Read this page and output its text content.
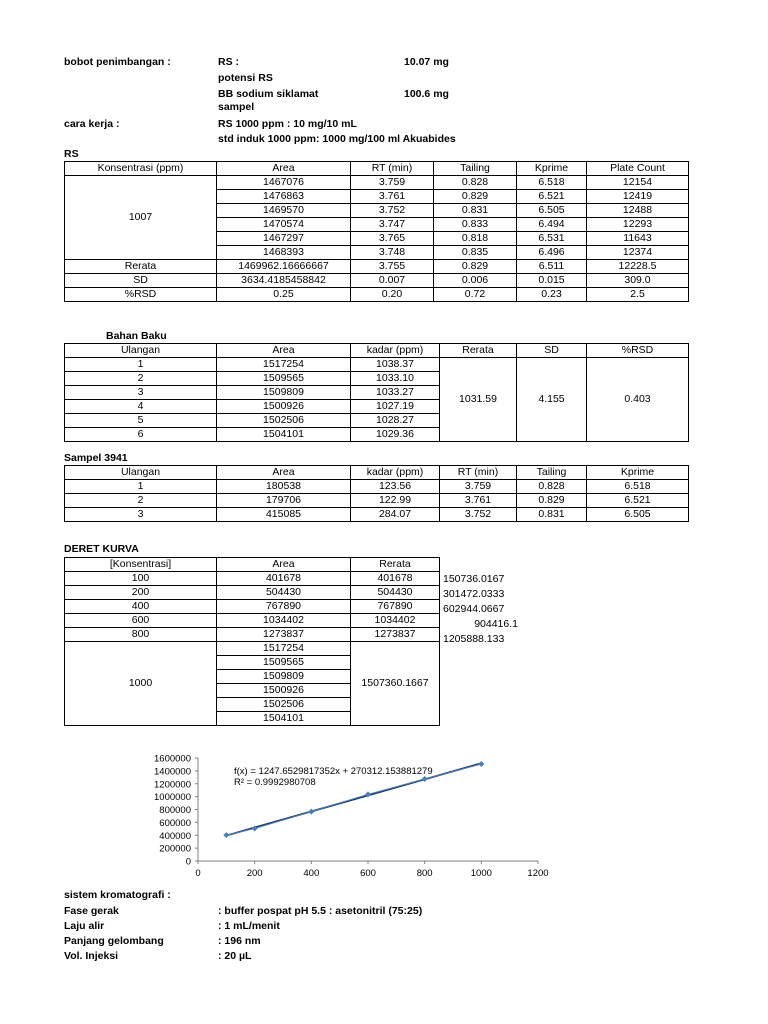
bobot penimbangan :	RS :	10.07 mg
potensi RS
BB sodium siklamat	100.6 mg
sampel
cara kerja :	RS 1000 ppm : 10 mg/10 mL
std induk 1000 ppm: 1000 mg/100 ml Akuabides
RS
Konsentrasi (ppm)	Area	RT (min)	Tailing	Kprime	Plate Count
1007	1467076	3.759	0.828	6.518	12154
	1476863	3.761	0.829	6.521	12419
	1469570	3.752	0.831	6.505	12488
	1470574	3.747	0.833	6.494	12293
	1467297	3.765	0.818	6.531	11643
	1468393	3.748	0.835	6.496	12374
Rerata	1469962.16666667	3.755	0.829	6.511	12228.5
SD	3634.4185458842	0.007	0.006	0.015	309.0
%RSD	0.25	0.20	0.72	0.23	2.5
Bahan Baku
Ulangan	Area	kadar (ppm)	Rerata	SD	%RSD
1	1517254	1038.37	1031.59	4.155	0.403
2	1509565	1033.10			
3	1509809	1033.27			
4	1500926	1027.19			
5	1502506	1028.27			
6	1504101	1029.36			
Sampel 3941
Ulangan	Area	kadar (ppm)	RT (min)	Tailing	Kprime
1	180538	123.56	3.759	0.828	6.518
2	179706	122.99	3.761	0.829	6.521
3	415085	284.07	3.752	0.831	6.505
DERET KURVA
[Konsentrasi]	Area	Rerata
100	401678	401678
200	504430	504430
400	767890	767890
600	1034402	1034402
800	1273837	1273837
1000	1517254	1507360.1667
	1509565	
	1509809	
	1500926	
	1502506	
	1504101	
150736.0167
301472.0333
602944.0667
904416.1
1205888.133
0
200000
400000
600000
800000
1000000
1200000
1400000
1600000
0	200	400	600	800	1000	1200
f(x) = 1247.6529817352x + 270312.153881279
R² = 0.9992980708
sistem kromatografi :
Fase gerak	: buffer pospat pH 5.5 : asetonitril (75:25)
Laju alir	: 1 mL/menit
Panjang gelombang	: 196 nm
Vol. Injeksi	: 20 µL
